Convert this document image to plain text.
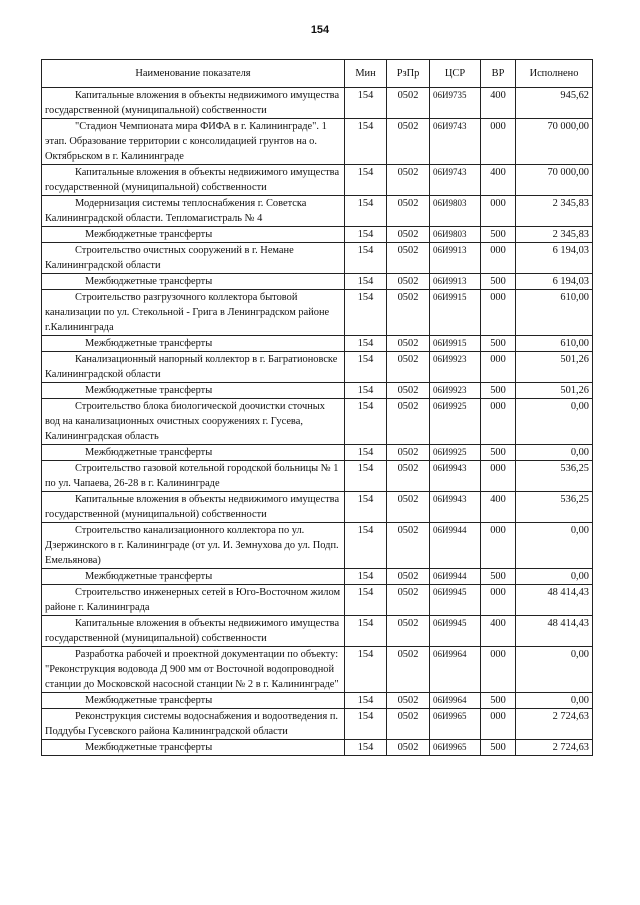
154
Наименование показателя	Мин	РзПр	ЦСР	ВР	Исполнено
Капитальные вложения в объекты недвижимого имущества государственной (муниципальной) собственности	154	0502	06И9735	400	945,62
"Стадион Чемпионата мира ФИФА в г. Калининграде". 1 этап. Образование территории с консолидацией грунтов на о. Октябрьском в г. Калининграде	154	0502	06И9743	000	70 000,00
Капитальные вложения в объекты недвижимого имущества государственной (муниципальной) собственности	154	0502	06И9743	400	70 000,00
Модернизация системы теплоснабжения г. Советска Калининградской области. Тепломагистраль № 4	154	0502	06И9803	000	2 345,83
Межбюджетные трансферты	154	0502	06И9803	500	2 345,83
Строительство очистных сооружений в г. Немане Калининградской области	154	0502	06И9913	000	6 194,03
Межбюджетные трансферты	154	0502	06И9913	500	6 194,03
Строительство разгрузочного коллектора бытовой канализации по ул. Стекольной - Грига в Ленинградском районе г.Калининграда	154	0502	06И9915	000	610,00
Межбюджетные трансферты	154	0502	06И9915	500	610,00
Канализационный напорный коллектор в г. Багратионовске Калининградской области	154	0502	06И9923	000	501,26
Межбюджетные трансферты	154	0502	06И9923	500	501,26
Строительство блока биологической доочистки сточных вод на канализационных очистных сооружениях г. Гусева, Калининградская область	154	0502	06И9925	000	0,00
Межбюджетные трансферты	154	0502	06И9925	500	0,00
Строительство газовой котельной городской больницы № 1 по ул. Чапаева, 26-28 в г. Калининграде	154	0502	06И9943	000	536,25
Капитальные вложения в объекты недвижимого имущества государственной (муниципальной) собственности	154	0502	06И9943	400	536,25
Строительство канализационного коллектора по ул. Дзержинского в г. Калининграде (от ул. И. Земнухова до ул. Подп. Емельянова)	154	0502	06И9944	000	0,00
Межбюджетные трансферты	154	0502	06И9944	500	0,00
Строительство инженерных сетей в Юго-Восточном жилом районе г. Калининграда	154	0502	06И9945	000	48 414,43
Капитальные вложения в объекты недвижимого имущества государственной (муниципальной) собственности	154	0502	06И9945	400	48 414,43
Разработка рабочей и проектной документации по объекту: "Реконструкция водовода Д 900 мм от Восточной водопроводной станции до Московской насосной станции № 2 в г. Калининграде"	154	0502	06И9964	000	0,00
Межбюджетные трансферты	154	0502	06И9964	500	0,00
Реконструкция системы водоснабжения и водоотведения п. Поддубы Гусевского района Калининградской области	154	0502	06И9965	000	2 724,63
Межбюджетные трансферты	154	0502	06И9965	500	2 724,63
